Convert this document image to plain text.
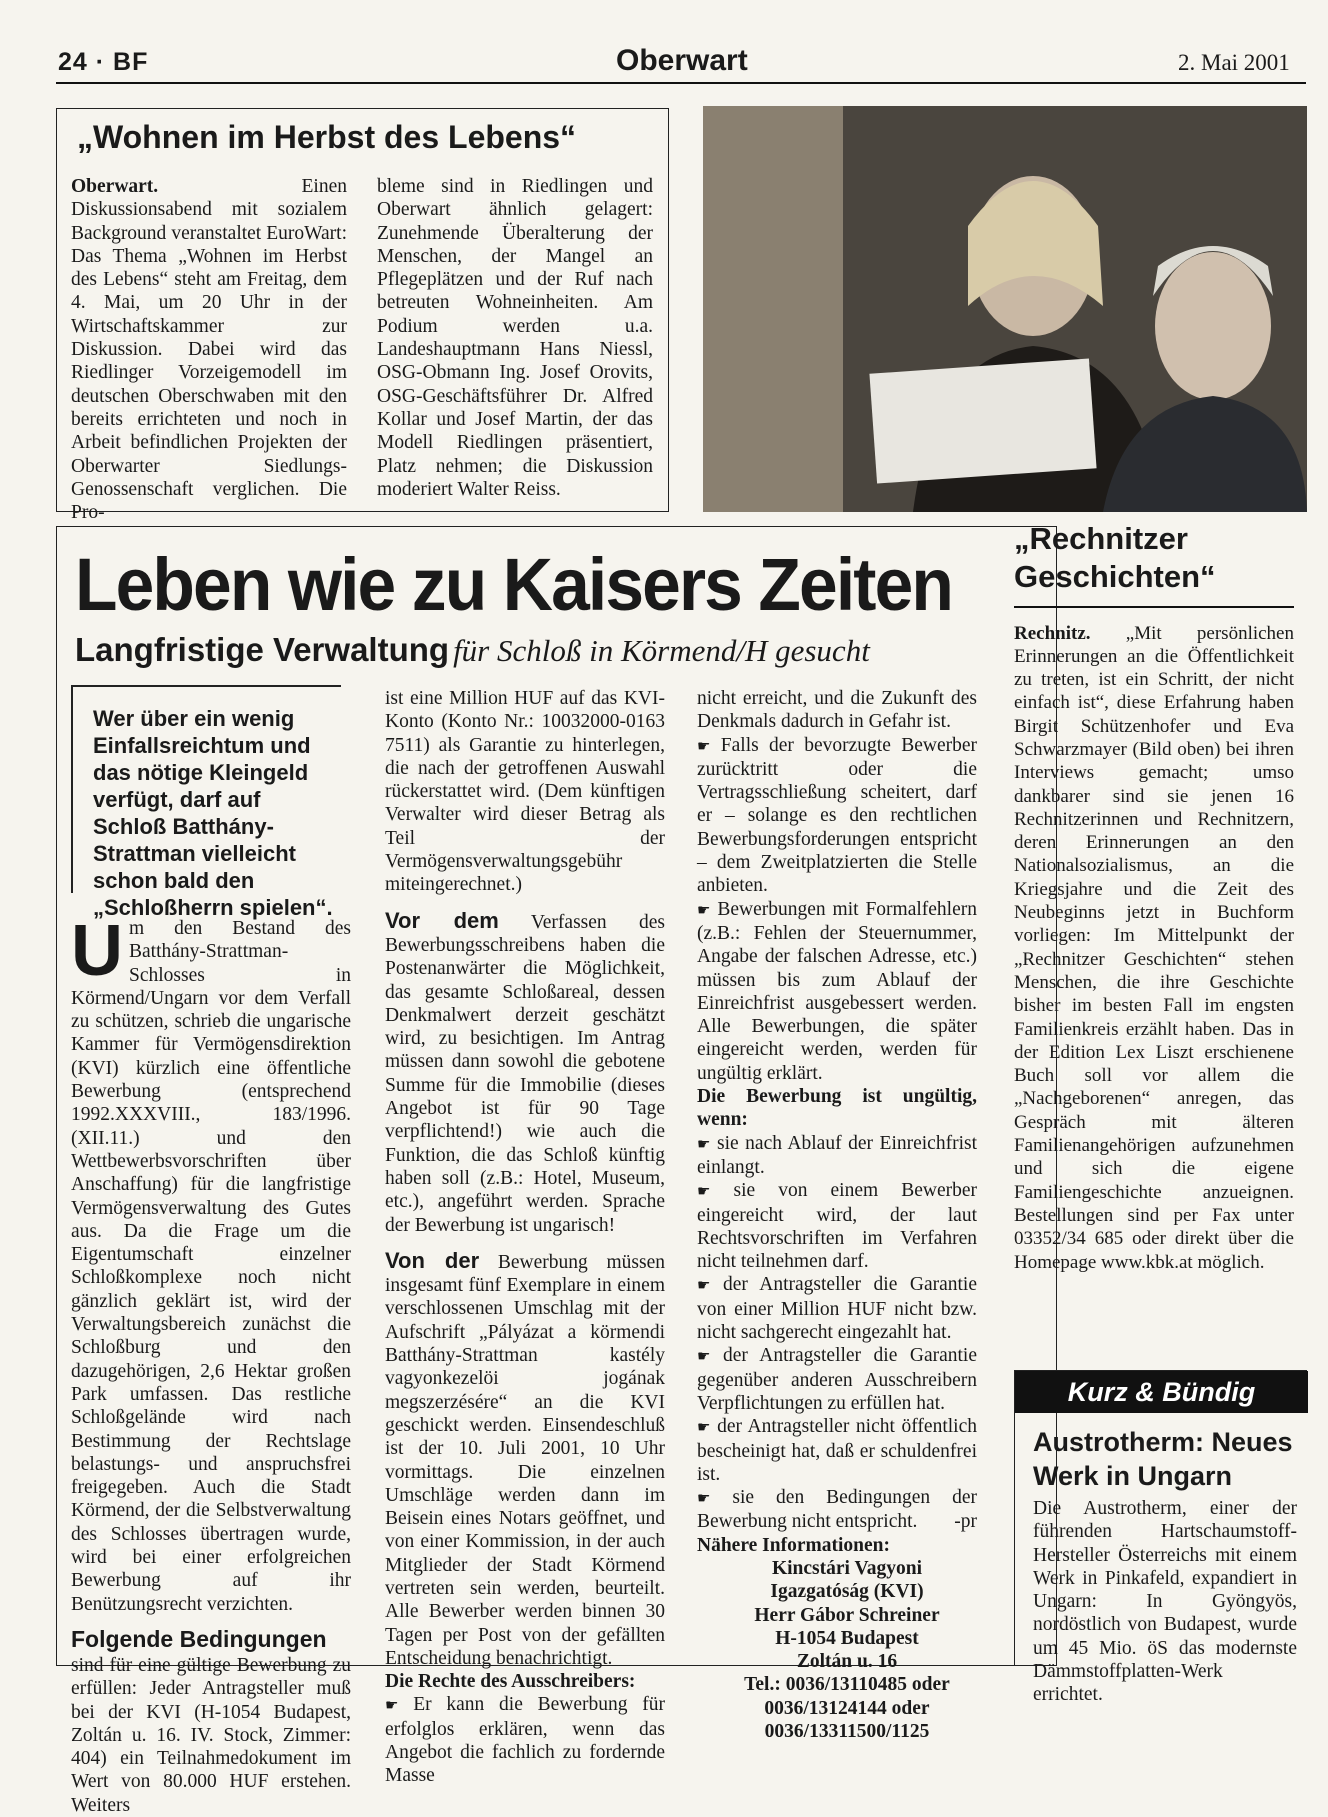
24 · BF	Oberwart	2. Mai 2001
„Wohnen im Herbst des Lebens“
Oberwart. Einen Diskussionsabend mit sozialem Background veranstaltet EuroWart: Das Thema „Wohnen im Herbst des Lebens“ steht am Freitag, dem 4. Mai, um 20 Uhr in der Wirtschaftskammer zur Diskussion. Dabei wird das Riedlinger Vorzeigemodell im deutschen Oberschwaben mit den bereits errichteten und noch in Arbeit befindlichen Projekten der Oberwarter Siedlungs-Genossenschaft verglichen. Die Pro-
bleme sind in Riedlingen und Oberwart ähnlich gelagert: Zunehmende Überalterung der Menschen, der Mangel an Pflegeplätzen und der Ruf nach betreuten Wohneinheiten. Am Podium werden u.a. Landeshauptmann Hans Niessl, OSG-Obmann Ing. Josef Orovits, OSG-Geschäftsführer Dr. Alfred Kollar und Josef Martin, der das Modell Riedlingen präsentiert, Platz nehmen; die Diskussion moderiert Walter Reiss.
Leben wie zu Kaisers Zeiten
Langfristige Verwaltung für Schloß in Körmend/H gesucht
Wer über ein wenig Einfallsreichtum und das nötige Kleingeld verfügt, darf auf Schloß Batthány-Strattman vielleicht schon bald den „Schloßherrn spielen“.
Um den Bestand des Batthány-Strattman-Schlosses in Körmend/Ungarn vor dem Verfall zu schützen, schrieb die ungarische Kammer für Vermögensdirektion (KVI) kürzlich eine öffentliche Bewerbung (entsprechend 1992.XXXVIII., 183/1996. (XII.11.) und den Wettbewerbsvorschriften über Anschaffung) für die langfristige Vermögensverwaltung des Gutes aus. Da die Frage um die Eigentumschaft einzelner Schloßkomplexe noch nicht gänzlich geklärt ist, wird der Verwaltungsbereich zunächst die Schloßburg und den dazugehörigen, 2,6 Hektar großen Park umfassen. Das restliche Schloßgelände wird nach Bestimmung der Rechtslage belastungs- und anspruchsfrei freigegeben. Auch die Stadt Körmend, der die Selbstverwaltung des Schlosses übertragen wurde, wird bei einer erfolgreichen Bewerbung auf ihr Benützungsrecht verzichten.
Folgende Bedingungen
sind für eine gültige Bewerbung zu erfüllen: Jeder Antragsteller muß bei der KVI (H-1054 Budapest, Zoltán u. 16. IV. Stock, Zimmer: 404) ein Teilnahmedokument im Wert von 80.000 HUF erstehen. Weiters
ist eine Million HUF auf das KVI-Konto (Konto Nr.: 10032000-0163 7511) als Garantie zu hinterlegen, die nach der getroffenen Auswahl rückerstattet wird. (Dem künftigen Verwalter wird dieser Betrag als Teil der Vermögensverwaltungsgebühr miteingerechnet.)
Vor dem Verfassen des Bewerbungsschreibens haben die Postenanwärter die Möglichkeit, das gesamte Schloßareal, dessen Denkmalwert derzeit geschätzt wird, zu besichtigen. Im Antrag müssen dann sowohl die gebotene Summe für die Immobilie (dieses Angebot ist für 90 Tage verpflichtend!) wie auch die Funktion, die das Schloß künftig haben soll (z.B.: Hotel, Museum, etc.), angeführt werden. Sprache der Bewerbung ist ungarisch!
Von der Bewerbung müssen insgesamt fünf Exemplare in einem verschlossenen Umschlag mit der Aufschrift „Pályázat a körmendi Batthány-Strattman kastély vagyonkezelöi jogának megszerzésére“ an die KVI geschickt werden. Einsendeschluß ist der 10. Juli 2001, 10 Uhr vormittags. Die einzelnen Umschläge werden dann im Beisein eines Notars geöffnet, und von einer Kommission, in der auch Mitglieder der Stadt Körmend vertreten sein werden, beurteilt. Alle Bewerber werden binnen 30 Tagen per Post von der gefällten Entscheidung benachrichtigt.
Die Rechte des Ausschreibers:
☛ Er kann die Bewerbung für erfolglos erklären, wenn das Angebot die fachlich zu fordernde Masse
nicht erreicht, und die Zukunft des Denkmals dadurch in Gefahr ist.
☛ Falls der bevorzugte Bewerber zurücktritt oder die Vertragsschließung scheitert, darf er – solange es den rechtlichen Bewerbungsforderungen entspricht – dem Zweitplatzierten die Stelle anbieten.
☛ Bewerbungen mit Formalfehlern (z.B.: Fehlen der Steuernummer, Angabe der falschen Adresse, etc.) müssen bis zum Ablauf der Einreichfrist ausgebessert werden. Alle Bewerbungen, die später eingereicht werden, werden für ungültig erklärt.
Die Bewerbung ist ungültig, wenn:
☛ sie nach Ablauf der Einreichfrist einlangt.
☛ sie von einem Bewerber eingereicht wird, der laut Rechtsvorschriften im Verfahren nicht teilnehmen darf.
☛ der Antragsteller die Garantie von einer Million HUF nicht bzw. nicht sachgerecht eingezahlt hat.
☛ der Antragsteller die Garantie gegenüber anderen Ausschreibern Verpflichtungen zu erfüllen hat.
☛ der Antragsteller nicht öffentlich bescheinigt hat, daß er schuldenfrei ist.
☛ sie den Bedingungen der Bewerbung nicht entspricht. -pr
Nähere Informationen:
Kincstári Vagyoni
Igazgatóság (KVI)
Herr Gábor Schreiner
H-1054 Budapest
Zoltán u. 16
Tel.: 0036/13110485 oder
0036/13124144 oder
0036/13311500/1125
„Rechnitzer Geschichten“
Rechnitz. „Mit persönlichen Erinnerungen an die Öffentlichkeit zu treten, ist ein Schritt, der nicht einfach ist“, diese Erfahrung haben Birgit Schützenhofer und Eva Schwarzmayer (Bild oben) bei ihren Interviews gemacht; umso dankbarer sind sie jenen 16 Rechnitzerinnen und Rechnitzern, deren Erinnerungen an den Nationalsozialismus, an die Kriegsjahre und die Zeit des Neubeginns jetzt in Buchform vorliegen: Im Mittelpunkt der „Rechnitzer Geschichten“ stehen Menschen, die ihre Geschichte bisher im besten Fall im engsten Familienkreis erzählt haben. Das in der Edition Lex Liszt erschienene Buch soll vor allem die „Nachgeborenen“ anregen, das Gespräch mit älteren Familienangehörigen aufzunehmen und sich die eigene Familiengeschichte anzueignen. Bestellungen sind per Fax unter 03352/34 685 oder direkt über die Homepage www.kbk.at möglich.
Kurz & Bündig
Austrotherm: Neues Werk in Ungarn
Die Austrotherm, einer der führenden Hartschaumstoff-Hersteller Österreichs mit einem Werk in Pinkafeld, expandiert in Ungarn: In Gyöngyös, nordöstlich von Budapest, wurde um 45 Mio. öS das modernste Dämmstoffplatten-Werk errichtet.
